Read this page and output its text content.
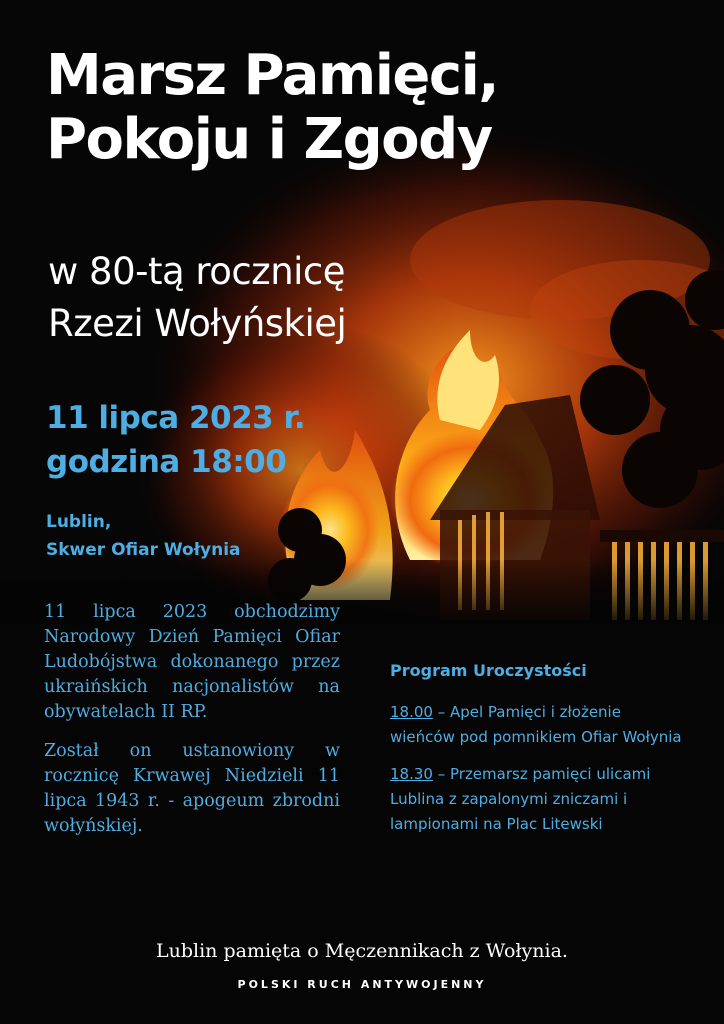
Marsz Pamięci,
Pokoju i Zgody
w 80-tą rocznicę
Rzezi Wołyńskiej
11 lipca 2023 r.
godzina 18:00
Lublin,
Skwer Ofiar Wołynia

11 lipca 2023 obchodzimy Narodowy Dzień Pamięci Ofiar Ludobójstwa dokonanego przez ukraińskich nacjonalistów na obywatelach II RP.

Został on ustanowiony w rocznicę Krwawej Niedzieli 11 lipca 1943 r. - apogeum zbrodni wołyńskiej.

Program Uroczystości

18.00 – Apel Pamięci i złożenie wieńców pod pomnikiem Ofiar Wołynia

18.30 – Przemarsz pamięci ulicami Lublina z zapalonymi zniczami i lampionami na Plac Litewski

Lublin pamięta o Męczennikach z Wołynia.

POLSKI RUCH ANTYWOJENNY
